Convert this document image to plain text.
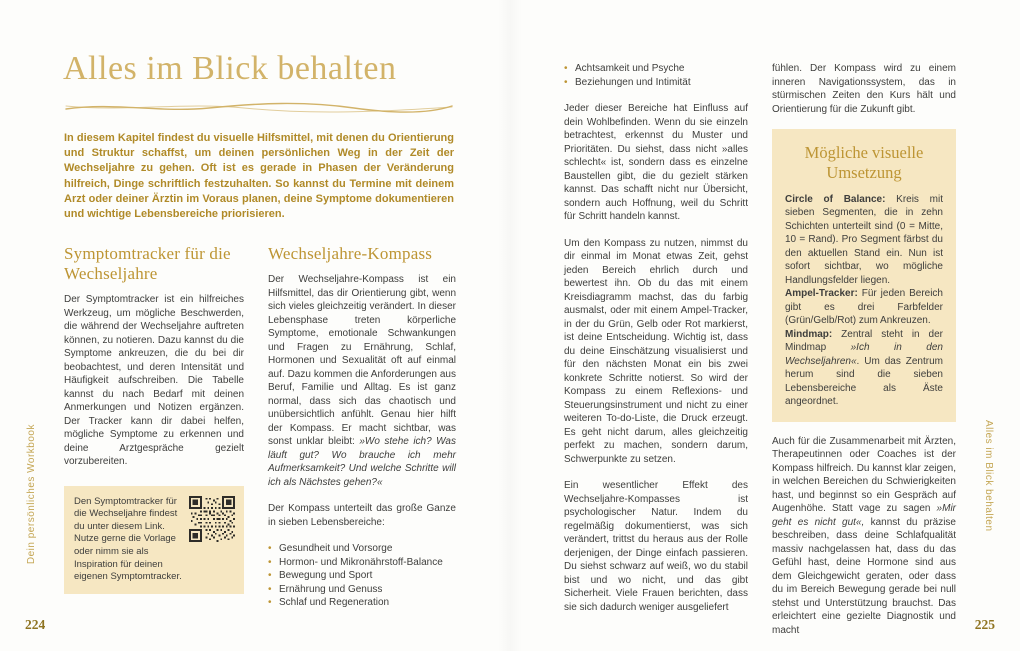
Dein persönliches Workbook
224
Alles im Blick behalten

In diesem Kapitel findest du visuelle Hilfsmittel, mit denen du Orientierung und Struktur schaffst, um deinen persönlichen Weg in der Zeit der Wechseljahre zu gehen. Oft ist es gerade in Phasen der Veränderung hilfreich, Dinge schriftlich festzuhalten. So kannst du Termine mit deinem Arzt oder deiner Ärztin im Voraus planen, deine Symptome dokumentieren und wichtige Lebensbereiche priorisieren.

Symptomtracker für die Wechseljahre

Der Symptomtracker ist ein hilfreiches Werkzeug, um mögliche Beschwerden, die während der Wechseljahre auftreten können, zu notieren. Dazu kannst du die Symptome ankreuzen, die du bei dir beobachtest, und deren Intensität und Häufigkeit aufschreiben. Die Tabelle kannst du nach Bedarf mit deinen Anmerkungen und Notizen ergänzen. Der Tracker kann dir dabei helfen, mögliche Symptome zu erkennen und deine Arztgespräche gezielt vorzubereiten.

Den Symptomtracker für die Wechseljahre findest du unter diesem Link. Nutze gerne die Vorlage oder nimm sie als Inspiration für deinen eigenen Symptomtracker.

Wechseljahre-Kompass

Der Wechseljahre-Kompass ist ein Hilfsmittel, das dir Orientierung gibt, wenn sich vieles gleichzeitig verändert. In dieser Lebensphase treten körperliche Symptome, emotionale Schwankungen und Fragen zu Ernährung, Schlaf, Hormonen und Sexualität oft auf einmal auf. Dazu kommen die Anforderungen aus Beruf, Familie und Alltag. Es ist ganz normal, dass sich das chaotisch und unübersichtlich anfühlt. Genau hier hilft der Kompass. Er macht sichtbar, was sonst unklar bleibt: »Wo stehe ich? Was läuft gut? Wo brauche ich mehr Aufmerksamkeit? Und welche Schritte will ich als Nächstes gehen?«

Der Kompass unterteilt das große Ganze in sieben Lebensbereiche:

• Gesundheit und Vorsorge
• Hormon- und Mikronährstoff-Balance
• Bewegung und Sport
• Ernährung und Genuss
• Schlaf und Regeneration
Alles im Blick behalten
225
• Achtsamkeit und Psyche
• Beziehungen und Intimität

Jeder dieser Bereiche hat Einfluss auf dein Wohlbefinden. Wenn du sie einzeln betrachtest, erkennst du Muster und Prioritäten. Du siehst, dass nicht »alles schlecht« ist, sondern dass es einzelne Baustellen gibt, die du gezielt stärken kannst. Das schafft nicht nur Übersicht, sondern auch Hoffnung, weil du Schritt für Schritt handeln kannst.

Um den Kompass zu nutzen, nimmst du dir einmal im Monat etwas Zeit, gehst jeden Bereich ehrlich durch und bewertest ihn. Ob du das mit einem Kreisdiagramm machst, das du farbig ausmalst, oder mit einem Ampel-Tracker, in der du Grün, Gelb oder Rot markierst, ist deine Entscheidung. Wichtig ist, dass du deine Einschätzung visualisierst und für den nächsten Monat ein bis zwei konkrete Schritte notierst. So wird der Kompass zu einem Reflexions- und Steuerungsinstrument und nicht zu einer weiteren To-do-Liste, die Druck erzeugt. Es geht nicht darum, alles gleichzeitig perfekt zu machen, sondern darum, Schwerpunkte zu setzen.

Ein wesentlicher Effekt des Wechseljahre-Kompasses ist psychologischer Natur. Indem du regelmäßig dokumentierst, was sich verändert, trittst du heraus aus der Rolle derjenigen, der Dinge einfach passieren. Du siehst schwarz auf weiß, wo du stabil bist und wo nicht, und das gibt Sicherheit. Viele Frauen berichten, dass sie sich dadurch weniger ausgeliefert

fühlen. Der Kompass wird zu einem inneren Navigationssystem, das in stürmischen Zeiten den Kurs hält und Orientierung für die Zukunft gibt.

Mögliche visuelle Umsetzung

Circle of Balance: Kreis mit sieben Segmenten, die in zehn Schichten unterteilt sind (0 = Mitte, 10 = Rand). Pro Segment färbst du den aktuellen Stand ein. Nun ist sofort sichtbar, wo mögliche Handlungsfelder liegen.

Ampel-Tracker: Für jeden Bereich gibt es drei Farbfelder (Grün/Gelb/Rot) zum Ankreuzen.

Mindmap: Zentral steht in der Mindmap »Ich in den Wechseljahren«. Um das Zentrum herum sind die sieben Lebensbereiche als Äste angeordnet.

Auch für die Zusammenarbeit mit Ärzten, Therapeutinnen oder Coaches ist der Kompass hilfreich. Du kannst klar zeigen, in welchen Bereichen du Schwierigkeiten hast, und beginnst so ein Gespräch auf Augenhöhe. Statt vage zu sagen »Mir geht es nicht gut«, kannst du präzise beschreiben, dass deine Schlafqualität massiv nachgelassen hat, dass du das Gefühl hast, deine Hormone sind aus dem Gleichgewicht geraten, oder dass du im Bereich Bewegung gerade bei null stehst und Unterstützung brauchst. Das erleichtert eine gezielte Diagnostik und macht
